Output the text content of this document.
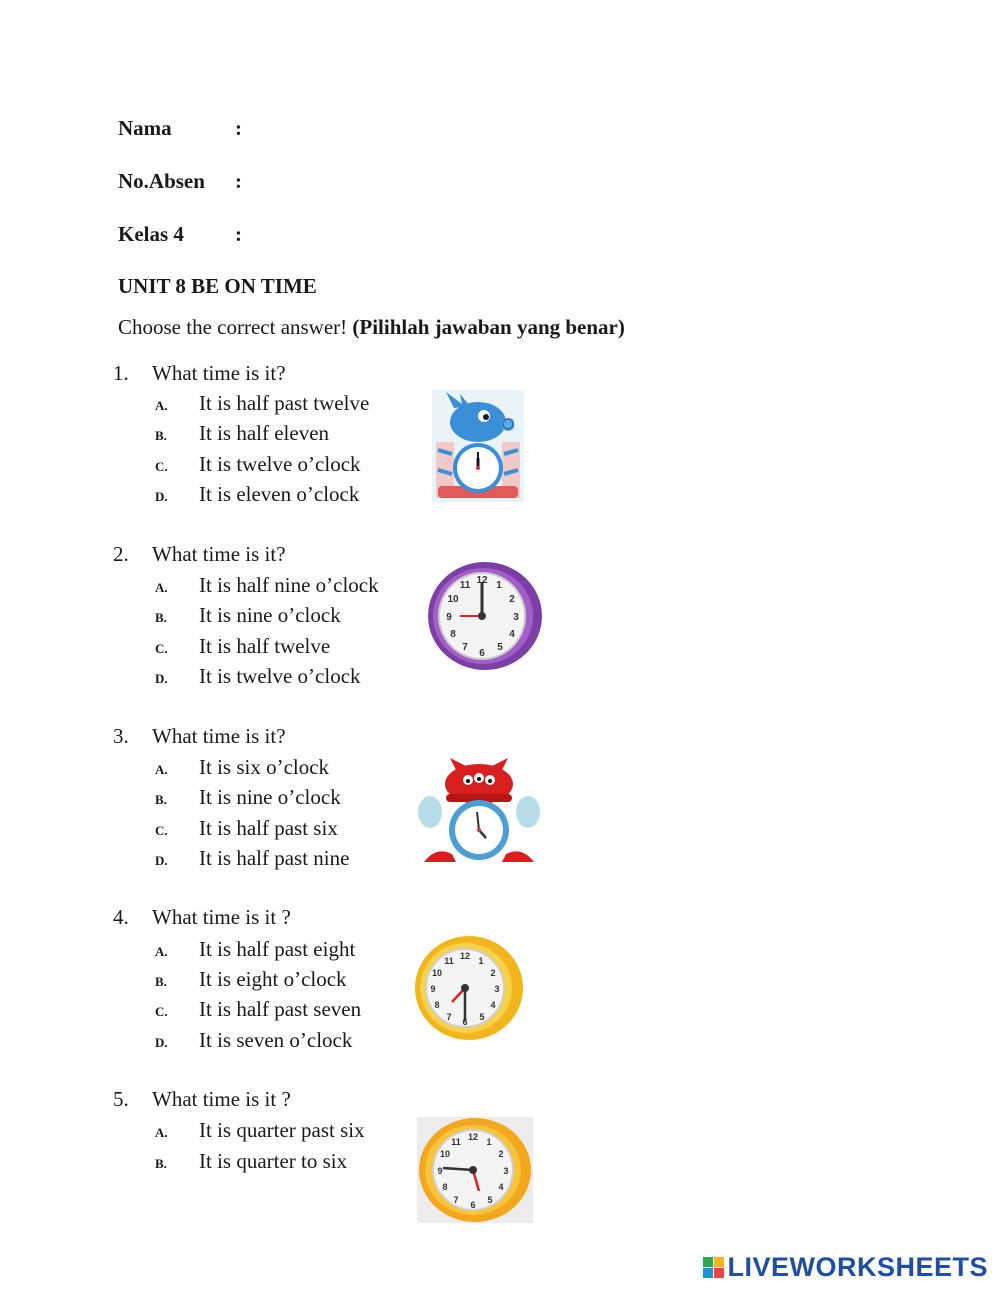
Nama	:
No.Absen :
Kelas 4 :
UNIT 8 BE ON TIME
Choose the correct answer! (Pilihlah jawaban yang benar)
1. What time is it?
A. It is half past twelve
B. It is half eleven
C. It is twelve o’clock
D. It is eleven o’clock
2. What time is it?
A. It is half nine o’clock
B. It is nine o’clock
C. It is half twelve
D. It is twelve o’clock
12 1
2
3
4
5
6
7
8
9
10
11
3. What time is it?
A. It is six o’clock
B. It is nine o’clock
C. It is half past six
D. It is half past nine
4. What time is it ?
A. It is half past eight
B. It is eight o’clock
C. It is half past seven
D. It is seven o’clock
12 1
2
3
4
5
6
7
8
9
10
11
5. What time is it ?
A. It is quarter past six
B. It is quarter to six
12 1
2
3
4
5
6
7
8
9
10
11
LIVEWORKSHEETS
